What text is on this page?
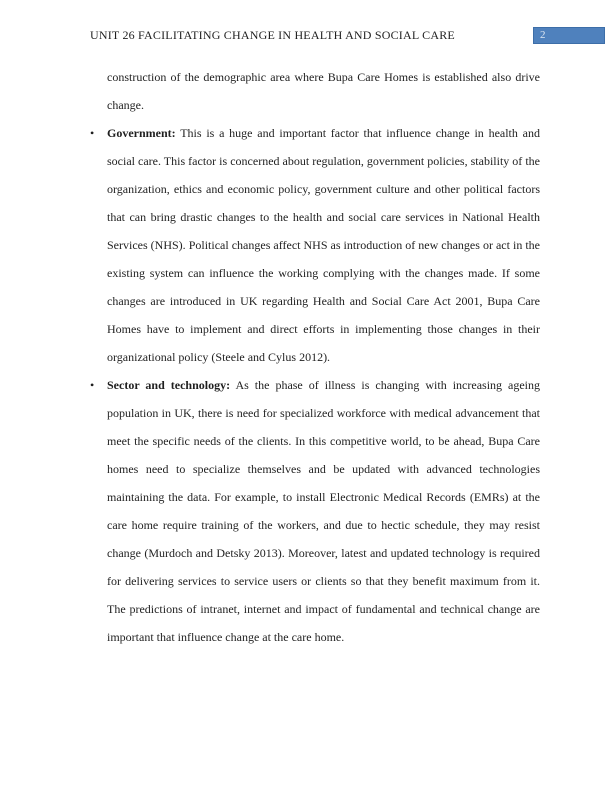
UNIT 26 FACILITATING CHANGE IN HEALTH AND SOCIAL CARE	2

construction of the demographic area where Bupa Care Homes is established also drive change.

• Government: This is a huge and important factor that influence change in health and social care. This factor is concerned about regulation, government policies, stability of the organization, ethics and economic policy, government culture and other political factors that can bring drastic changes to the health and social care services in National Health Services (NHS). Political changes affect NHS as introduction of new changes or act in the existing system can influence the working complying with the changes made. If some changes are introduced in UK regarding Health and Social Care Act 2001, Bupa Care Homes have to implement and direct efforts in implementing those changes in their organizational policy (Steele and Cylus 2012).
• Sector and technology: As the phase of illness is changing with increasing ageing population in UK, there is need for specialized workforce with medical advancement that meet the specific needs of the clients. In this competitive world, to be ahead, Bupa Care homes need to specialize themselves and be updated with advanced technologies maintaining the data. For example, to install Electronic Medical Records (EMRs) at the care home require training of the workers, and due to hectic schedule, they may resist change (Murdoch and Detsky 2013). Moreover, latest and updated technology is required for delivering services to service users or clients so that they benefit maximum from it. The predictions of intranet, internet and impact of fundamental and technical change are important that influence change at the care home.
